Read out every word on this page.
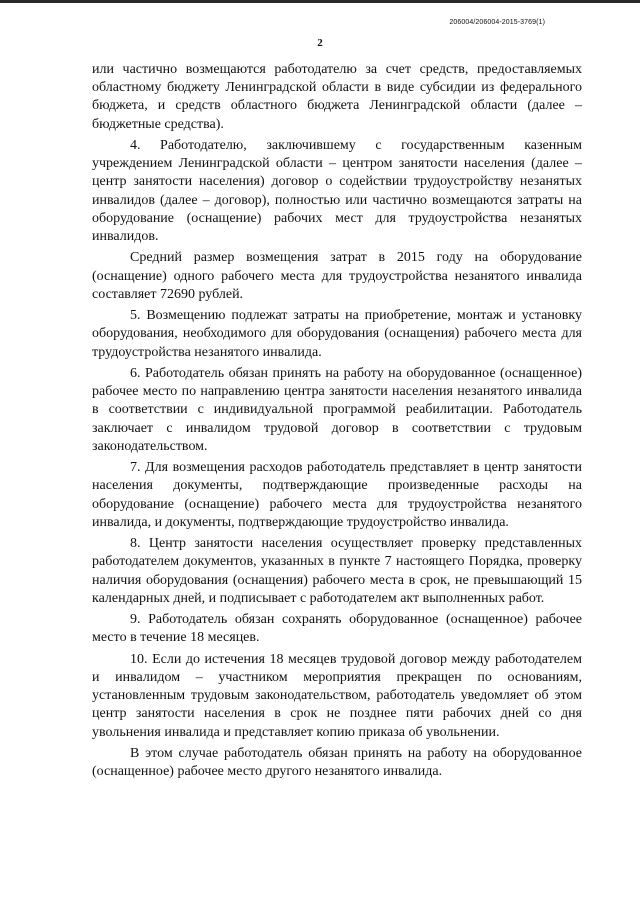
206004/206004-2015-3769(1)
2

или частично возмещаются работодателю за счет средств, предоставляемых областному бюджету Ленинградской области в виде субсидии из федерального бюджета, и средств областного бюджета Ленинградской области (далее – бюджетные средства).

4. Работодателю, заключившему с государственным казенным учреждением Ленинградской области – центром занятости населения (далее – центр занятости населения) договор о содействии трудоустройству незанятых инвалидов (далее – договор), полностью или частично возмещаются затраты на оборудование (оснащение) рабочих мест для трудоустройства незанятых инвалидов.

Средний размер возмещения затрат в 2015 году на оборудование (оснащение) одного рабочего места для трудоустройства незанятого инвалида составляет 72690 рублей.

5. Возмещению подлежат затраты на приобретение, монтаж и установку оборудования, необходимого для оборудования (оснащения) рабочего места для трудоустройства незанятого инвалида.

6. Работодатель обязан принять на работу на оборудованное (оснащенное) рабочее место по направлению центра занятости населения незанятого инвалида в соответствии с индивидуальной программой реабилитации. Работодатель заключает с инвалидом трудовой договор в соответствии с трудовым законодательством.

7. Для возмещения расходов работодатель представляет в центр занятости населения документы, подтверждающие произведенные расходы на оборудование (оснащение) рабочего места для трудоустройства незанятого инвалида, и документы, подтверждающие трудоустройство инвалида.

8. Центр занятости населения осуществляет проверку представленных работодателем документов, указанных в пункте 7 настоящего Порядка, проверку наличия оборудования (оснащения) рабочего места в срок, не превышающий 15 календарных дней, и подписывает с работодателем акт выполненных работ.

9. Работодатель обязан сохранять оборудованное (оснащенное) рабочее место в течение 18 месяцев.

10. Если до истечения 18 месяцев трудовой договор между работодателем и инвалидом – участником мероприятия прекращен по основаниям, установленным трудовым законодательством, работодатель уведомляет об этом центр занятости населения в срок не позднее пяти рабочих дней со дня увольнения инвалида и представляет копию приказа об увольнении.

В этом случае работодатель обязан принять на работу на оборудованное (оснащенное) рабочее место другого незанятого инвалида.
